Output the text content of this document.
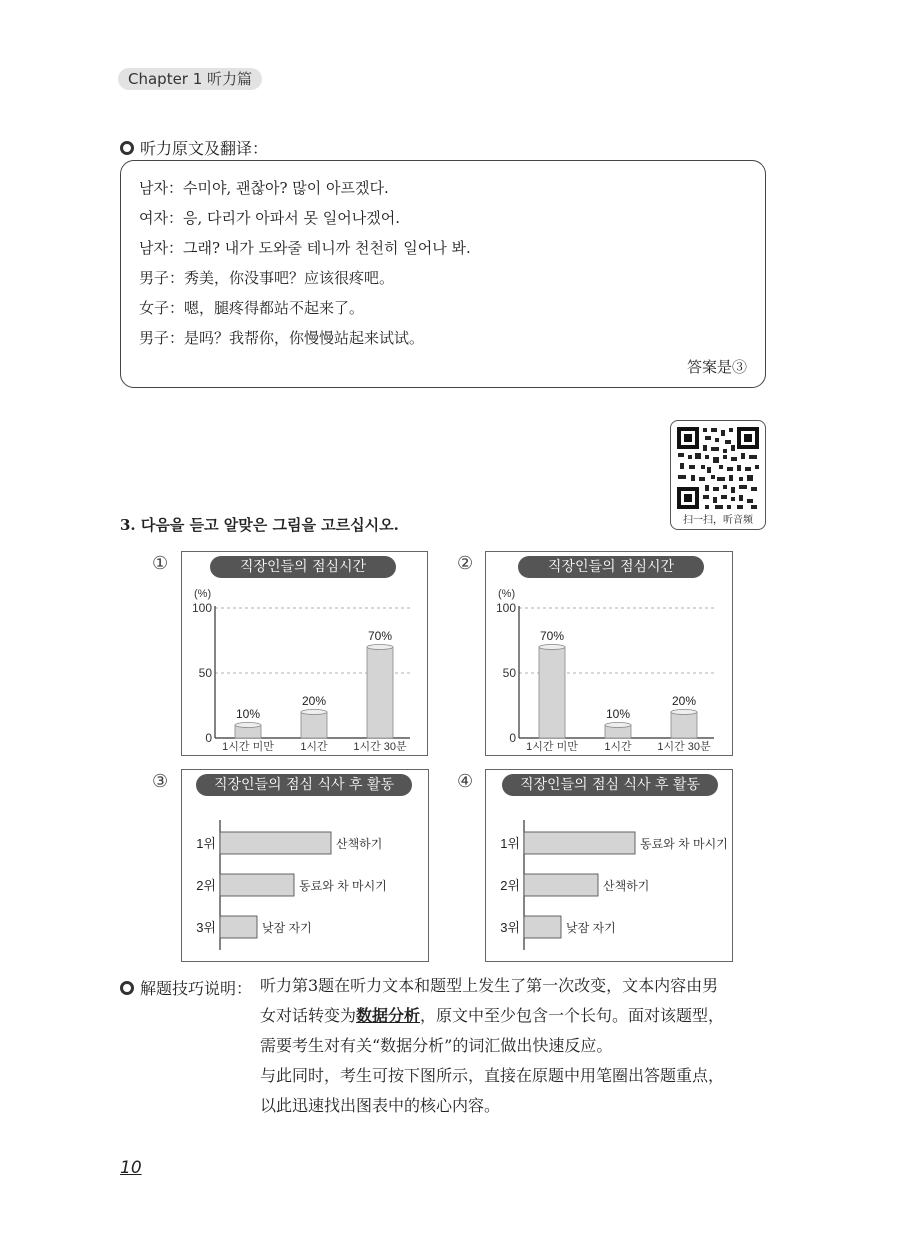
Chapter 1 听力篇
听力原文及翻译：
남자：수미야, 괜찮아? 많이 아프겠다.
여자：응, 다리가 아파서 못 일어나겠어.
남자：그래? 내가 도와줄 테니까 천천히 일어나 봐.
男子：秀美，你没事吧？应该很疼吧。
女子：嗯，腿疼得都站不起来了。
男子：是吗？我帮你，你慢慢站起来试试。
答案是③
扫一扫，听音频
3. 다음을 듣고 알맞은 그림을 고르십시오.
①	②
③	④
직장인들의 점심시간
(%)
0
50
100
10%
1시간 미만
20%
1시간
70%
1시간 30분
직장인들의 점심시간
(%)
0
50
100
70%
1시간 미만
10%
1시간
20%
1시간 30분
직장인들의 점심 식사 후 활동
1위	산책하기
2위	동료와 차 마시기
3위	낮잠 자기
직장인들의 점심 식사 후 활동
1위	동료와 차 마시기
2위	산책하기
3위	낮잠 자기
解题技巧说明： 听力第3题在听力文本和题型上发生了第一次改变，文本内容由男
女对话转变为数据分析，原文中至少包含一个长句。面对该题型，
需要考生对有关“数据分析”的词汇做出快速反应。
与此同时，考生可按下图所示，直接在原题中用笔圈出答题重点，
以此迅速找出图表中的核心内容。
10
